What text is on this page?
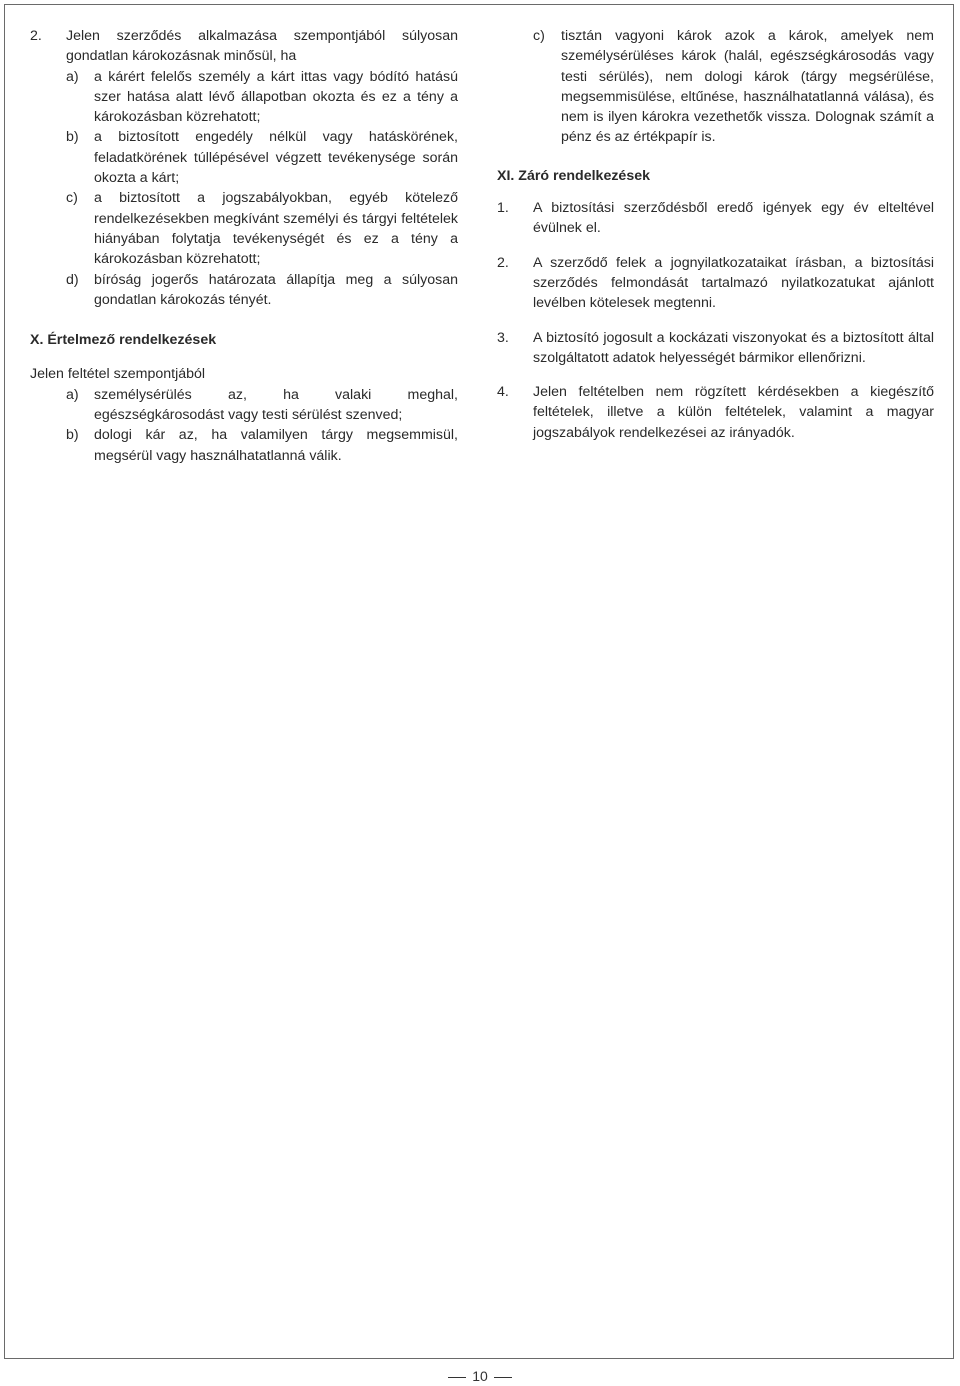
2.	Jelen szerződés alkalmazása szempontjából súlyosan gondatlan károkozásnak minősül, ha
a)	a kárért felelős személy a kárt ittas vagy bódító hatású szer hatása alatt lévő állapotban okozta és ez a tény a károkozásban közrehatott;
b)	a biztosított engedély nélkül vagy hatáskörének, feladatkörének túllépésével végzett tevékenysége során okozta a kárt;
c)	a biztosított a jogszabályokban, egyéb kötelező rendelkezésekben megkívánt személyi és tárgyi feltételek hiányában folytatja tevékenységét és ez a tény a károkozásban közrehatott;
d)	bíróság jogerős határozata állapítja meg a súlyosan gondatlan károkozás tényét.

X. Értelmező rendelkezések

Jelen feltétel szempontjából

a)	személysérülés az, ha valaki meghal, egészségkárosodást vagy testi sérülést szenved;
b)	dologi kár az, ha valamilyen tárgy megsemmisül, megsérül vagy használhatatlanná válik.
c)	tisztán vagyoni károk azok a károk, amelyek nem személysérüléses károk (halál, egészségkárosodás vagy testi sérülés), nem dologi károk (tárgy megsérülése, megsemmisülése, eltűnése, használhatatlanná válása), és nem is ilyen károkra vezethetők vissza. Dolognak számít a pénz és az értékpapír is.

XI. Záró rendelkezések

1.	A biztosítási szerződésből eredő igények egy év elteltével évülnek el.
2.	A szerződő felek a jognyilatkozataikat írásban, a biztosítási szerződés felmondását tartalmazó nyilatkozatukat ajánlott levélben kötelesek megtenni.
3.	A biztosító jogosult a kockázati viszonyokat és a biztosított által szolgáltatott adatok helyességét bármikor ellenőrizni.
4.	Jelen feltételben nem rögzített kérdésekben a kiegészítő feltételek, illetve a külön feltételek, valamint a magyar jogszabályok rendelkezései az irányadók.
10
